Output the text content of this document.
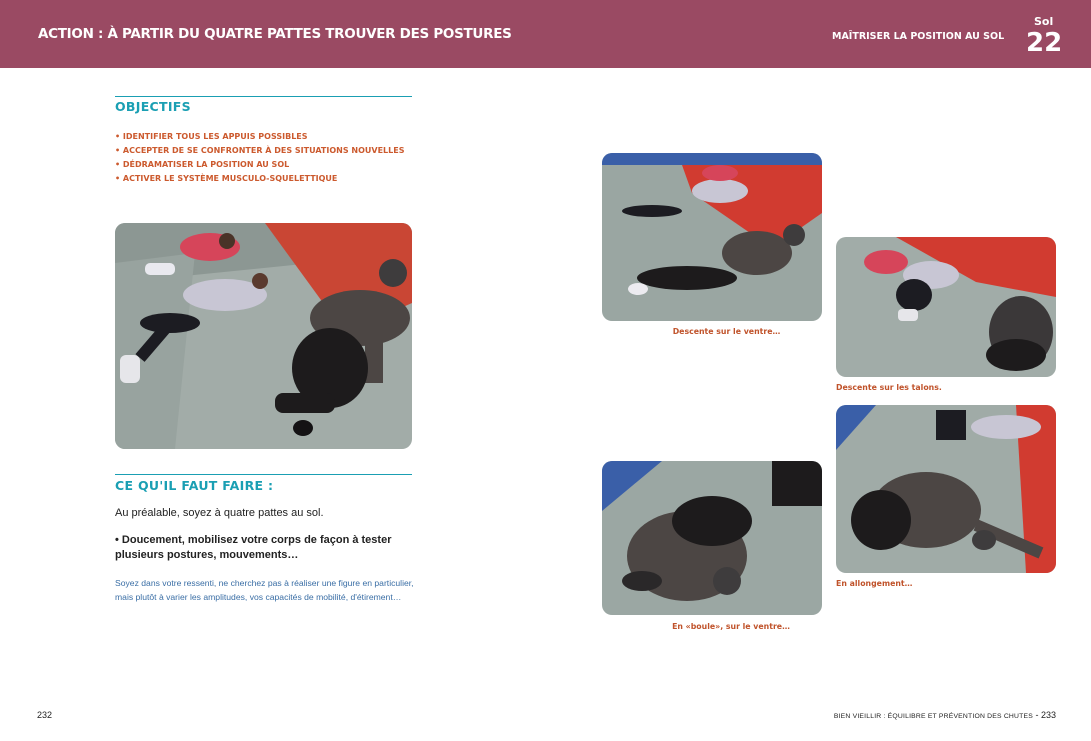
ACTION : À PARTIR DU QUATRE PATTES TROUVER DES POSTURES	MAÎTRISER LA POSITION AU SOL
Sol
22
OBJECTIFS
• IDENTIFIER TOUS LES APPUIS POSSIBLES
• ACCEPTER DE SE CONFRONTER À DES SITUATIONS NOUVELLES
• DÉDRAMATISER LA POSITION AU SOL
• ACTIVER LE SYSTÈME MUSCULO-SQUELETTIQUE
CE QU'IL FAUT FAIRE :
Au préalable, soyez à quatre pattes au sol.
• Doucement, mobilisez votre corps de façon à tester plusieurs postures, mouvements…
Soyez dans votre ressenti, ne cherchez pas à réaliser une figure en particulier, mais plutôt à varier les amplitudes, vos capacités de mobilité, d'étirement…
Descente sur le ventre…
Descente sur les talons.
En «boule», sur le ventre…
En allongement…
232	BIEN VIEILLIR : ÉQUILIBRE ET PRÉVENTION DES CHUTES - 233
